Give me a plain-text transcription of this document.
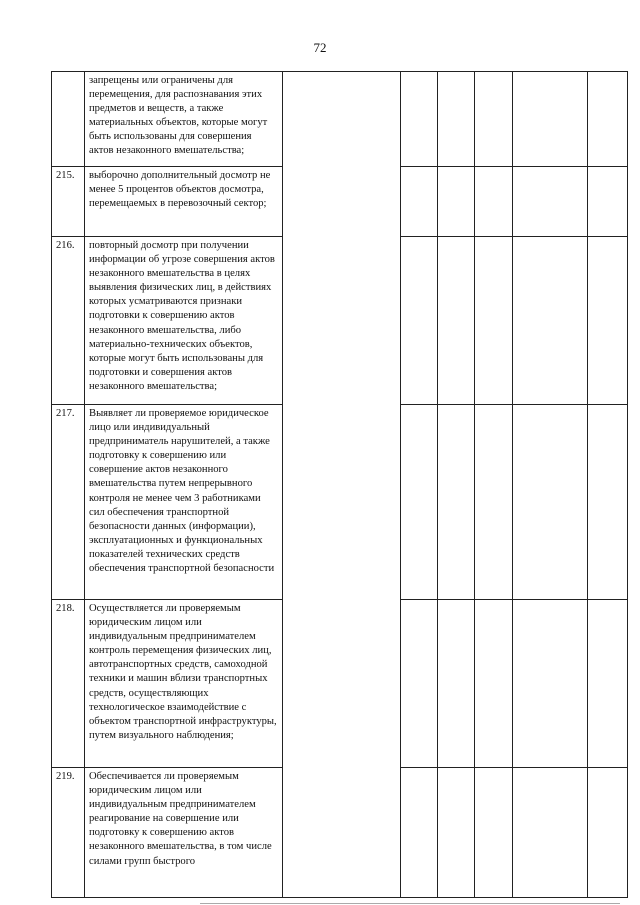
72
	запрещены или ограничены для перемещения, для распознавания этих предметов и веществ, а также материальных объектов, которые могут быть использованы для совершения актов незаконного вмешательства;						
215.	выборочно дополнительный досмотр не менее 5 процентов объектов досмотра, перемещаемых в перевозочный сектор;						
216.	повторный досмотр при получении информации об угрозе совершения актов незаконного вмешательства в целях выявления физических лиц, в действиях которых усматриваются признаки подготовки к совершению актов незаконного вмешательства, либо материально-технических объектов, которые могут быть использованы для подготовки и совершения актов незаконного вмешательства;						
217.	Выявляет ли проверяемое юридическое лицо или индивидуальный предприниматель нарушителей, а также подготовку к совершению или совершение актов незаконного вмешательства путем непрерывного контроля не менее чем 3 работниками сил обеспечения транспортной безопасности данных (информации), эксплуатационных и функциональных показателей технических средств обеспечения транспортной безопасности						
218.	Осуществляется ли проверяемым юридическим лицом или индивидуальным предпринимателем контроль перемещения физических лиц, автотранспортных средств, самоходной техники и машин вблизи транспортных средств, осуществляющих технологическое взаимодействие с объектом транспортной инфраструктуры, путем визуального наблюдения;						
219.	Обеспечивается ли проверяемым юридическим лицом или индивидуальным предпринимателем реагирование на совершение или подготовку к совершению актов незаконного вмешательства, в том числе силами групп быстрого						
